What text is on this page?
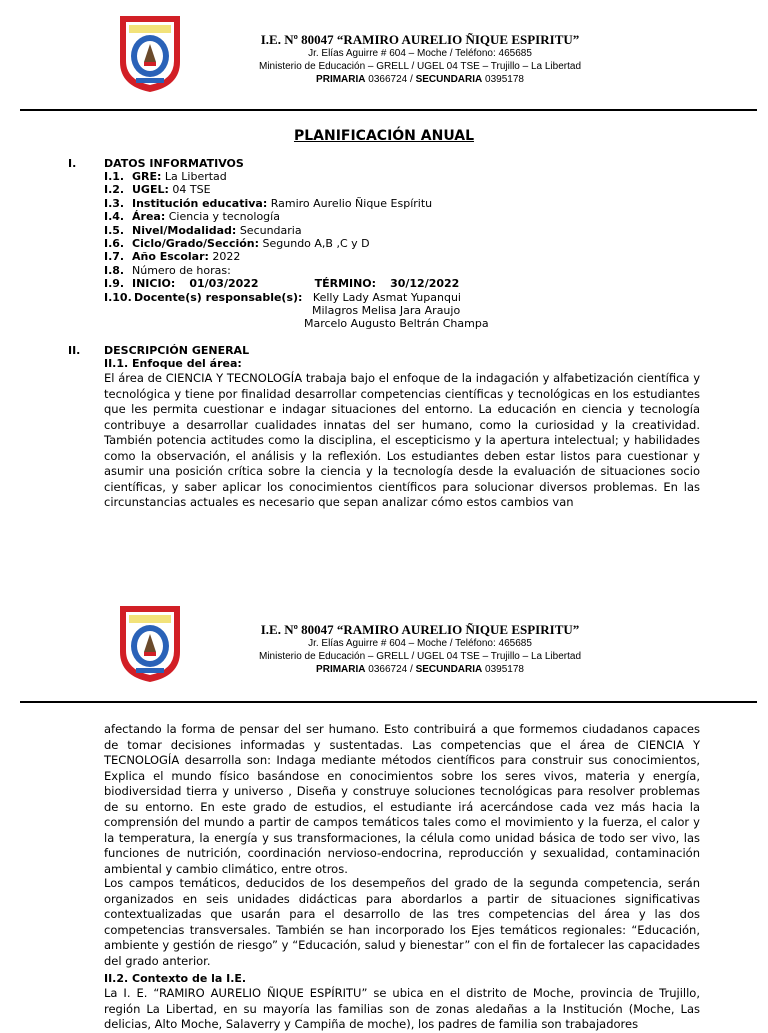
I.E. Nº 80047 “RAMIRO AURELIO ÑIQUE ESPIRITU”
Jr. Elías Aguirre # 604 – Moche / Teléfono: 465685
Ministerio de Educación – GRELL / UGEL 04 TSE – Trujillo – La Libertad
PRIMARIA 0366724 / SECUNDARIA 0395178
PLANIFICACIÓN ANUAL
I.	DATOS INFORMATIVOS
I.1. GRE: La Libertad
I.2. UGEL: 04 TSE
I.3. Institución educativa: Ramiro Aurelio Ñique Espíritu
I.4. Área: Ciencia y tecnología
I.5. Nivel/Modalidad: Secundaria
I.6. Ciclo/Grado/Sección: Segundo A,B ,C y D
I.7. Año Escolar: 2022
I.8. Número de horas:
I.9. INICIO: 01/03/2022	TÉRMINO: 30/12/2022
I.10. Docente(s) responsable(s): Kelly Lady Asmat Yupanqui
Milagros Melisa Jara Araujo
Marcelo Augusto Beltrán Champa
II. DESCRIPCIÓN GENERAL
II.1. Enfoque del área:

El área de CIENCIA Y TECNOLOGÍA trabaja bajo el enfoque de la indagación y alfabetización científica y tecnológica y tiene por finalidad desarrollar competencias científicas y tecnológicas en los estudiantes que les permita cuestionar e indagar situaciones del entorno. La educación en ciencia y tecnología contribuye a desarrollar cualidades innatas del ser humano, como la curiosidad y la creatividad. También potencia actitudes como la disciplina, el escepticismo y la apertura intelectual; y habilidades como la observación, el análisis y la reflexión. Los estudiantes deben estar listos para cuestionar y asumir una posición crítica sobre la ciencia y la tecnología desde la evaluación de situaciones socio científicas, y saber aplicar los conocimientos científicos para solucionar diversos problemas. En las circunstancias actuales es necesario que sepan analizar cómo estos cambios van

I.E. Nº 80047 “RAMIRO AURELIO ÑIQUE ESPIRITU”
Jr. Elías Aguirre # 604 – Moche / Teléfono: 465685
Ministerio de Educación – GRELL / UGEL 04 TSE – Trujillo – La Libertad
PRIMARIA 0366724 / SECUNDARIA 0395178

afectando la forma de pensar del ser humano. Esto contribuirá a que formemos ciudadanos capaces de tomar decisiones informadas y sustentadas. Las competencias que el área de CIENCIA Y TECNOLOGÍA desarrolla son: Indaga mediante métodos científicos para construir sus conocimientos, Explica el mundo físico basándose en conocimientos sobre los seres vivos, materia y energía, biodiversidad tierra y universo , Diseña y construye soluciones tecnológicas para resolver problemas de su entorno. En este grado de estudios, el estudiante irá acercándose cada vez más hacia la comprensión del mundo a partir de campos temáticos tales como el movimiento y la fuerza, el calor y la temperatura, la energía y sus transformaciones, la célula como unidad básica de todo ser vivo, las funciones de nutrición, coordinación nervioso-endocrina, reproducción y sexualidad, contaminación ambiental y cambio climático, entre otros.

Los campos temáticos, deducidos de los desempeños del grado de la segunda competencia, serán organizados en seis unidades didácticas para abordarlos a partir de situaciones significativas contextualizadas que usarán para el desarrollo de las tres competencias del área y las dos competencias transversales. También se han incorporado los Ejes temáticos regionales: “Educación, ambiente y gestión de riesgo” y “Educación, salud y bienestar” con el fin de fortalecer las capacidades del grado anterior.

II.2. Contexto de la I.E.

La I. E. “RAMIRO AURELIO ÑIQUE ESPÍRITU” se ubica en el distrito de Moche, provincia de Trujillo, región La Libertad, en su mayoría las familias son de zonas aledañas a la Institución (Moche, Las delicias, Alto Moche, Salaverry y Campiña de moche), los padres de familia son trabajadores
